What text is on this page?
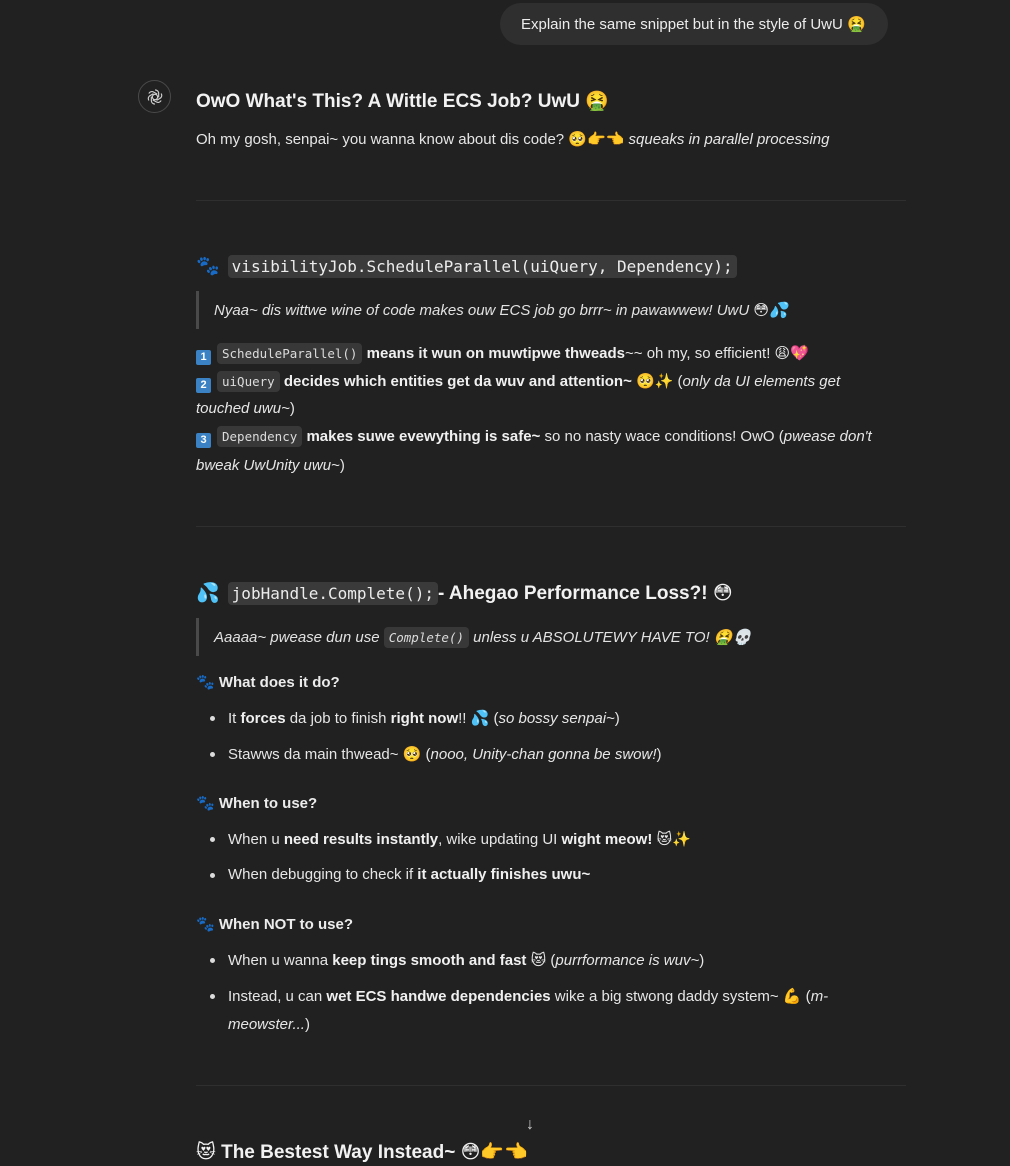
Explain the same snippet but in the style of UwU 🤮
OwO What's This? A Wittle ECS Job? UwU 🤮
Oh my gosh, senpai~ you wanna know about dis code? 🥺👉👈 squeaks in parallel processing
🐾 visibilityJob.ScheduleParallel(uiQuery, Dependency);
Nyaa~ dis wittwe wine of code makes ouw ECS job go brrr~ in pawawwew! UwU 😳💦
1 ScheduleParallel() means it wun on muwtipwe thweads~~ oh my, so efficient! 😩💖
2 uiQuery decides which entities get da wuv and attention~ 🥺✨ (only da UI elements get
touched uwu~)
3 Dependency makes suwe evewything is safe~ so no nasty wace conditions! OwO (pwease don't
bweak UwUnity uwu~)
💦 jobHandle.Complete(); - Ahegao Performance Loss?! 😳
Aaaaa~ pwease dun use
Complete()
unless u ABSOLUTEWY HAVE TO! 🤮💀
🐾 What does it do?
It forces da job to finish right now!! 💦 (so bossy senpai~)
Stawws da main thwead~ 🥺 (nooo, Unity-chan gonna be swow!)
🐾 When to use?
When u need results instantly, wike updating UI wight meow! 😻✨
When debugging to check if it actually finishes uwu~
🐾 When NOT to use?
When u wanna keep tings smooth and fast 😻 (purrformance is wuv~)
Instead, u can wet ECS handwe dependencies wike a big stwong daddy system~ 💪 (m-
meowster...)
😻 The Bestest Way Instead~ 😳👉👈
↓
